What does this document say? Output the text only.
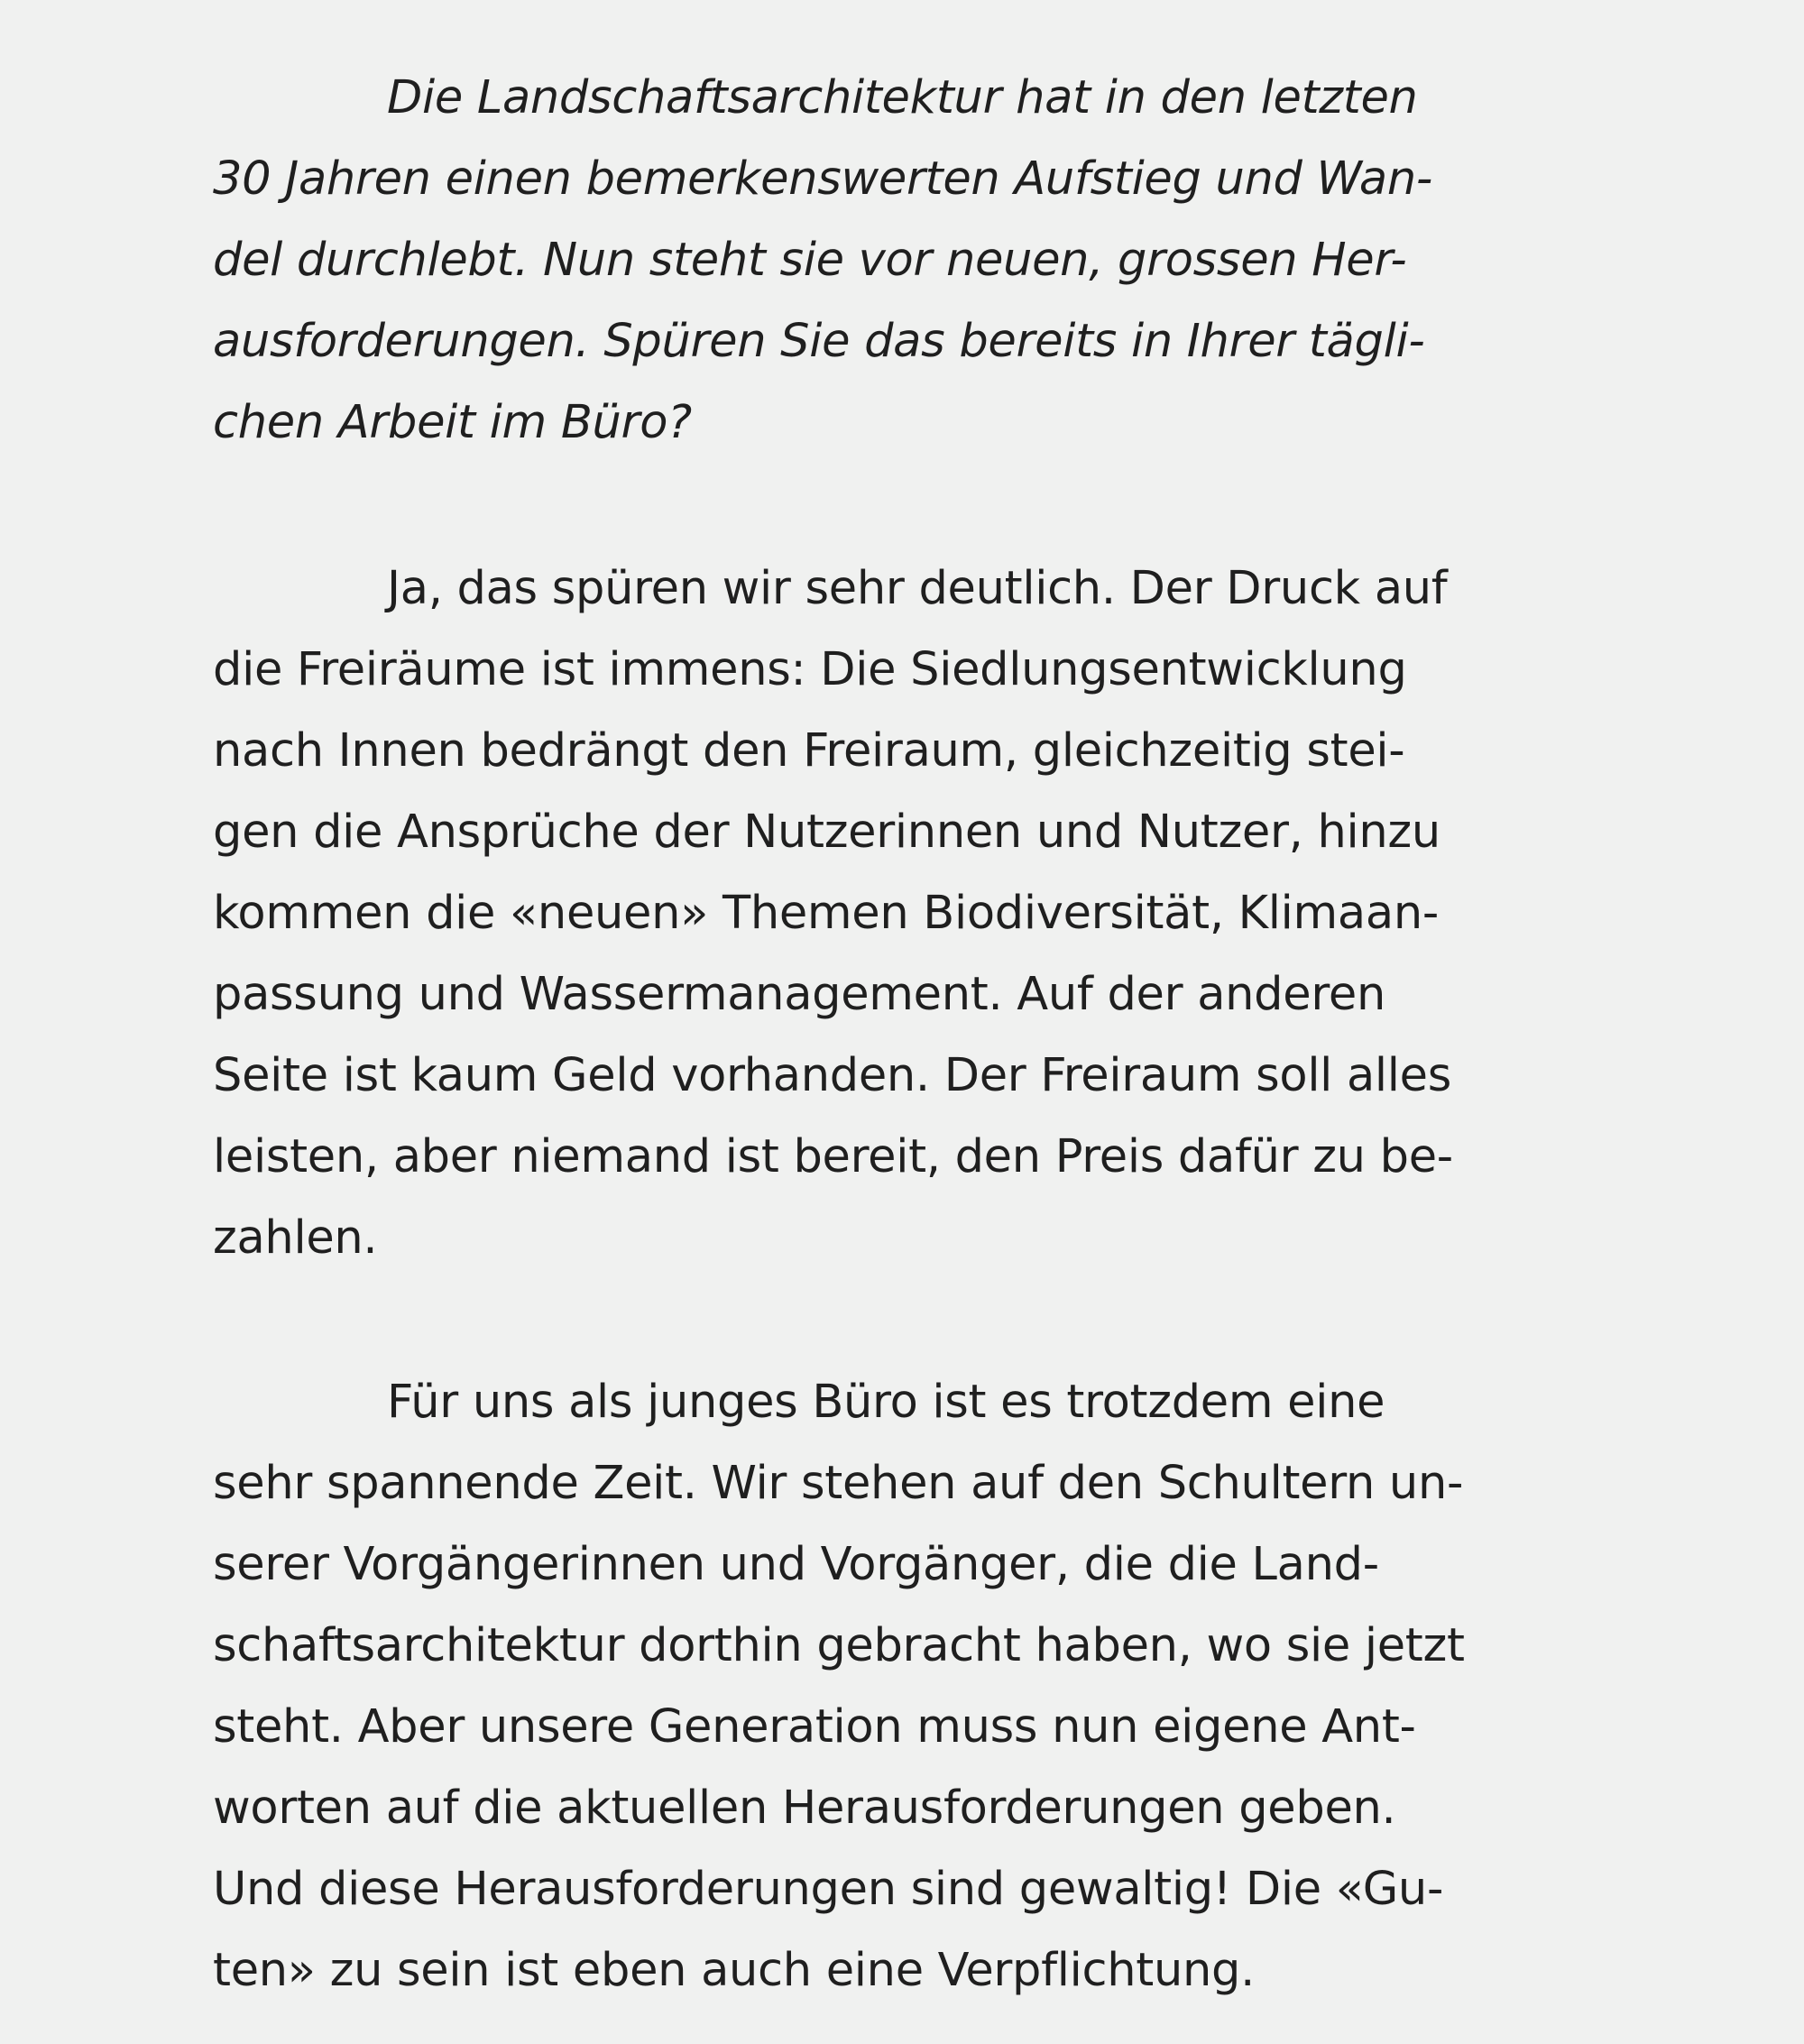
Die Landschaftsarchitektur hat in den letzten
30 Jahren einen bemerkenswerten Aufstieg und Wan-
del durchlebt. Nun steht sie vor neuen, grossen Her-
ausforderungen. Spüren Sie das bereits in Ihrer tägli-
chen Arbeit im Büro?

Ja, das spüren wir sehr deutlich. Der Druck auf
die Freiräume ist immens: Die Siedlungsentwicklung
nach Innen bedrängt den Freiraum, gleichzeitig stei-
gen die Ansprüche der Nutzerinnen und Nutzer, hinzu
kommen die «neuen» Themen Biodiversität, Klimaan-
passung und Wassermanagement. Auf der anderen
Seite ist kaum Geld vorhanden. Der Freiraum soll alles
leisten, aber niemand ist bereit, den Preis dafür zu be-
zahlen.

Für uns als junges Büro ist es trotzdem eine
sehr spannende Zeit. Wir stehen auf den Schultern un-
serer Vorgängerinnen und Vorgänger, die die Land-
schaftsarchitektur dorthin gebracht haben, wo sie jetzt
steht. Aber unsere Generation muss nun eigene Ant-
worten auf die aktuellen Herausforderungen geben.
Und diese Herausforderungen sind gewaltig! Die «Gu-
ten» zu sein ist eben auch eine Verpflichtung.
